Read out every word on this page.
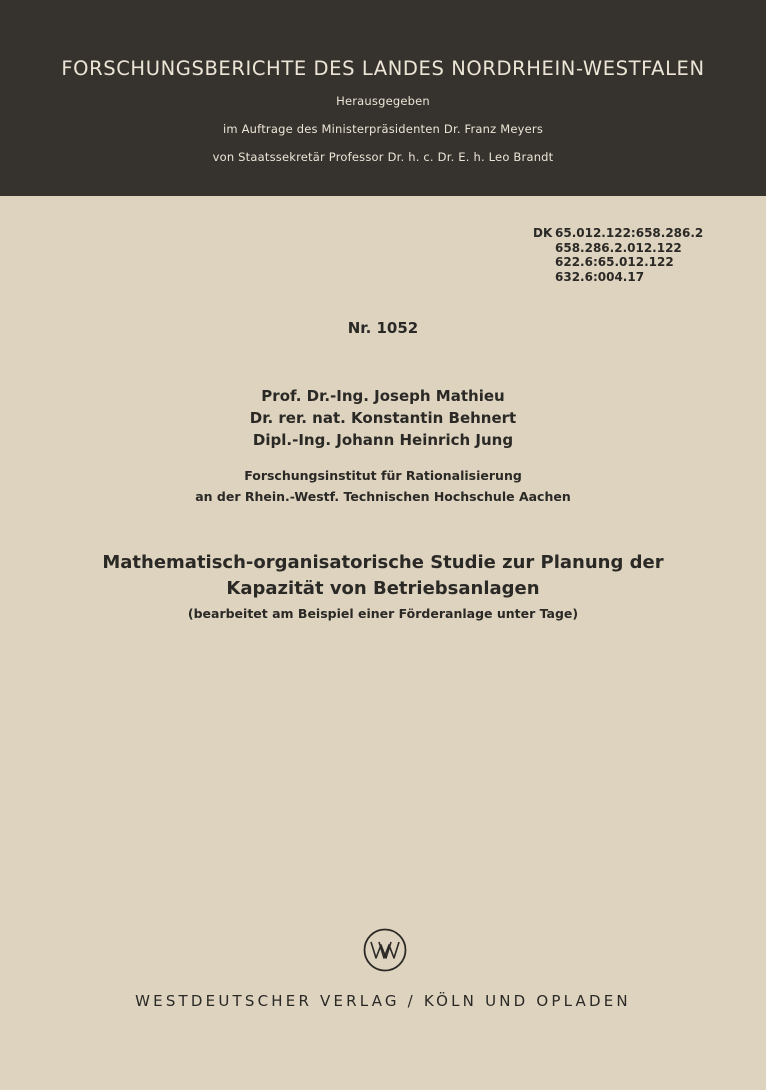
FORSCHUNGSBERICHTE DES LANDES NORDRHEIN-WESTFALEN
Herausgegeben
im Auftrage des Ministerpräsidenten Dr. Franz Meyers
von Staatssekretär Professor Dr. h. c. Dr. E. h. Leo Brandt
DK 65.012.122:658.286.2
658.286.2.012.122
622.6:65.012.122
632.6:004.17
Nr. 1052
Prof. Dr.-Ing. Joseph Mathieu
Dr. rer. nat. Konstantin Behnert
Dipl.-Ing. Johann Heinrich Jung
Forschungsinstitut für Rationalisierung
an der Rhein.-Westf. Technischen Hochschule Aachen
Mathematisch-organisatorische Studie zur Planung der
Kapazität von Betriebsanlagen
(bearbeitet am Beispiel einer Förderanlage unter Tage)
WESTDEUTSCHER VERLAG / KÖLN UND OPLADEN
